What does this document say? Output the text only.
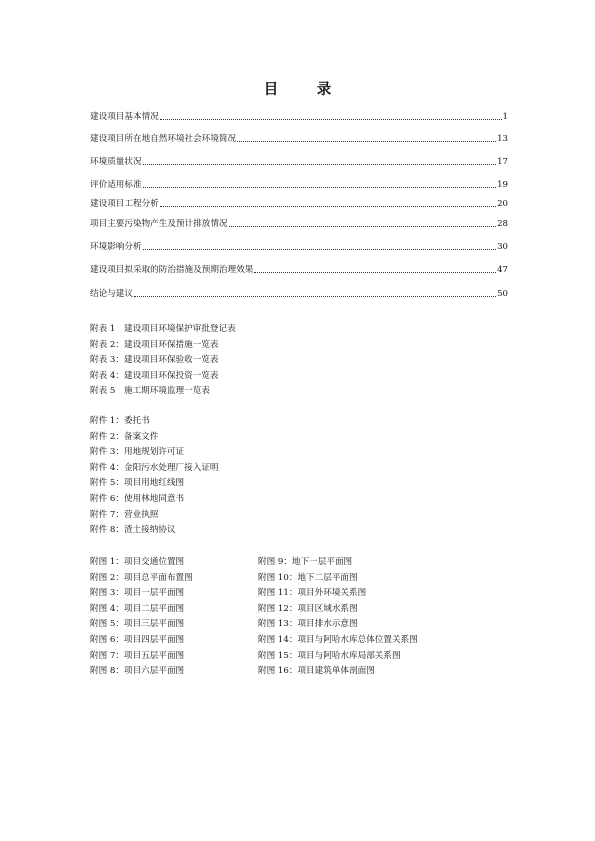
目　录
建设项目基本情况	1
建设项目所在地自然环境社会环境简况	13
环境质量状况	17
评价适用标准	19
建设项目工程分析	20
项目主要污染物产生及预计排放情况	28
环境影响分析	30
建设项目拟采取的防治措施及预期治理效果	47
结论与建议	50
附表 1　建设项目环境保护审批登记表
附表 2：建设项目环保措施一览表
附表 3：建设项目环保验收一览表
附表 4：建设项目环保投资一览表
附表 5　施工期环境监理一览表
附件 1：委托书
附件 2：备案文件
附件 3：用地规划许可证
附件 4：金阳污水处理厂接入证明
附件 5：项目用地红线图
附件 6：使用林地同意书
附件 7：营业执照
附件 8：渣土接纳协议
附图 1：项目交通位置图
附图 2：项目总平面布置图
附图 3：项目一层平面图
附图 4：项目二层平面图
附图 5：项目三层平面图
附图 6：项目四层平面图
附图 7：项目五层平面图
附图 8：项目六层平面图
附图 9：地下一层平面图
附图 10：地下二层平面图
附图 11：项目外环境关系图
附图 12：项目区域水系图
附图 13：项目排水示意图
附图 14：项目与阿哈水库总体位置关系图
附图 15：项目与阿哈水库局部关系图
附图 16：项目建筑单体剖面图
